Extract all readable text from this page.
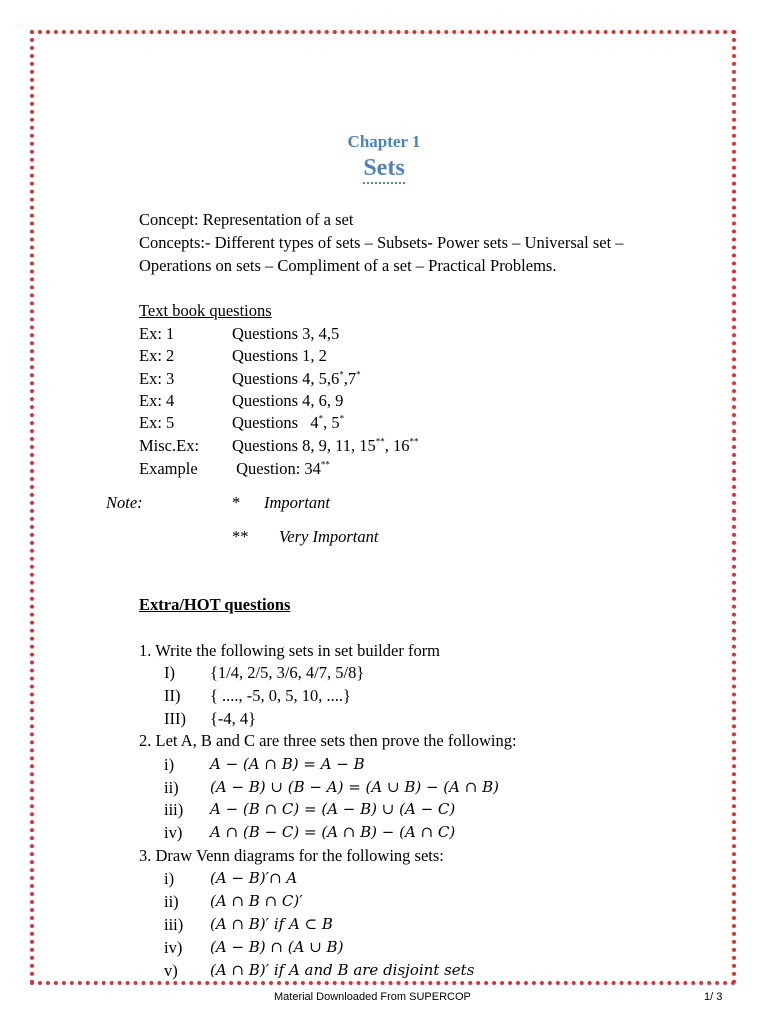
Chapter 1
Sets
Concept: Representation of a set
Concepts:- Different types of sets – Subsets- Power sets – Universal set –
Operations on sets – Compliment of a set – Practical Problems.
Text book questions
Ex: 1	Questions 3, 4,5
Ex: 2	Questions 1, 2
Ex: 3	Questions 4, 5,6*,7*
Ex: 4	Questions 4, 6, 9
Ex: 5	Questions   4*, 5*
Misc.Ex: Questions 8, 9, 11, 15**, 16**
Example Question: 34**
Note:	* Important
** Very Important
Extra/HOT questions
1. Write the following sets in set builder form
I) {1/4, 2/5, 3/6, 4/7, 5/8}
II) { ...., -5, 0, 5, 10, ....}
III) {-4, 4}
2. Let A, B and C are three sets then prove the following:
i) A − (A ∩ B) = A − B
ii) (A − B) ∪ (B − A) = (A ∪ B) − (A ∩ B)
iii) A − (B ∩ C) = (A − B) ∪ (A − C)
iv) A ∩ (B − C) = (A ∩ B) − (A ∩ C)
3. Draw Venn diagrams for the following sets:
i) (A − B)′∩ A
ii) (A ∩ B ∩ C)′
iii) (A ∩ B)′ if A ⊂ B
iv) (A − B) ∩ (A ∪ B)
v) (A ∩ B)′ if A and B are disjoint sets
Material Downloaded From SUPERCOP	1/ 3
